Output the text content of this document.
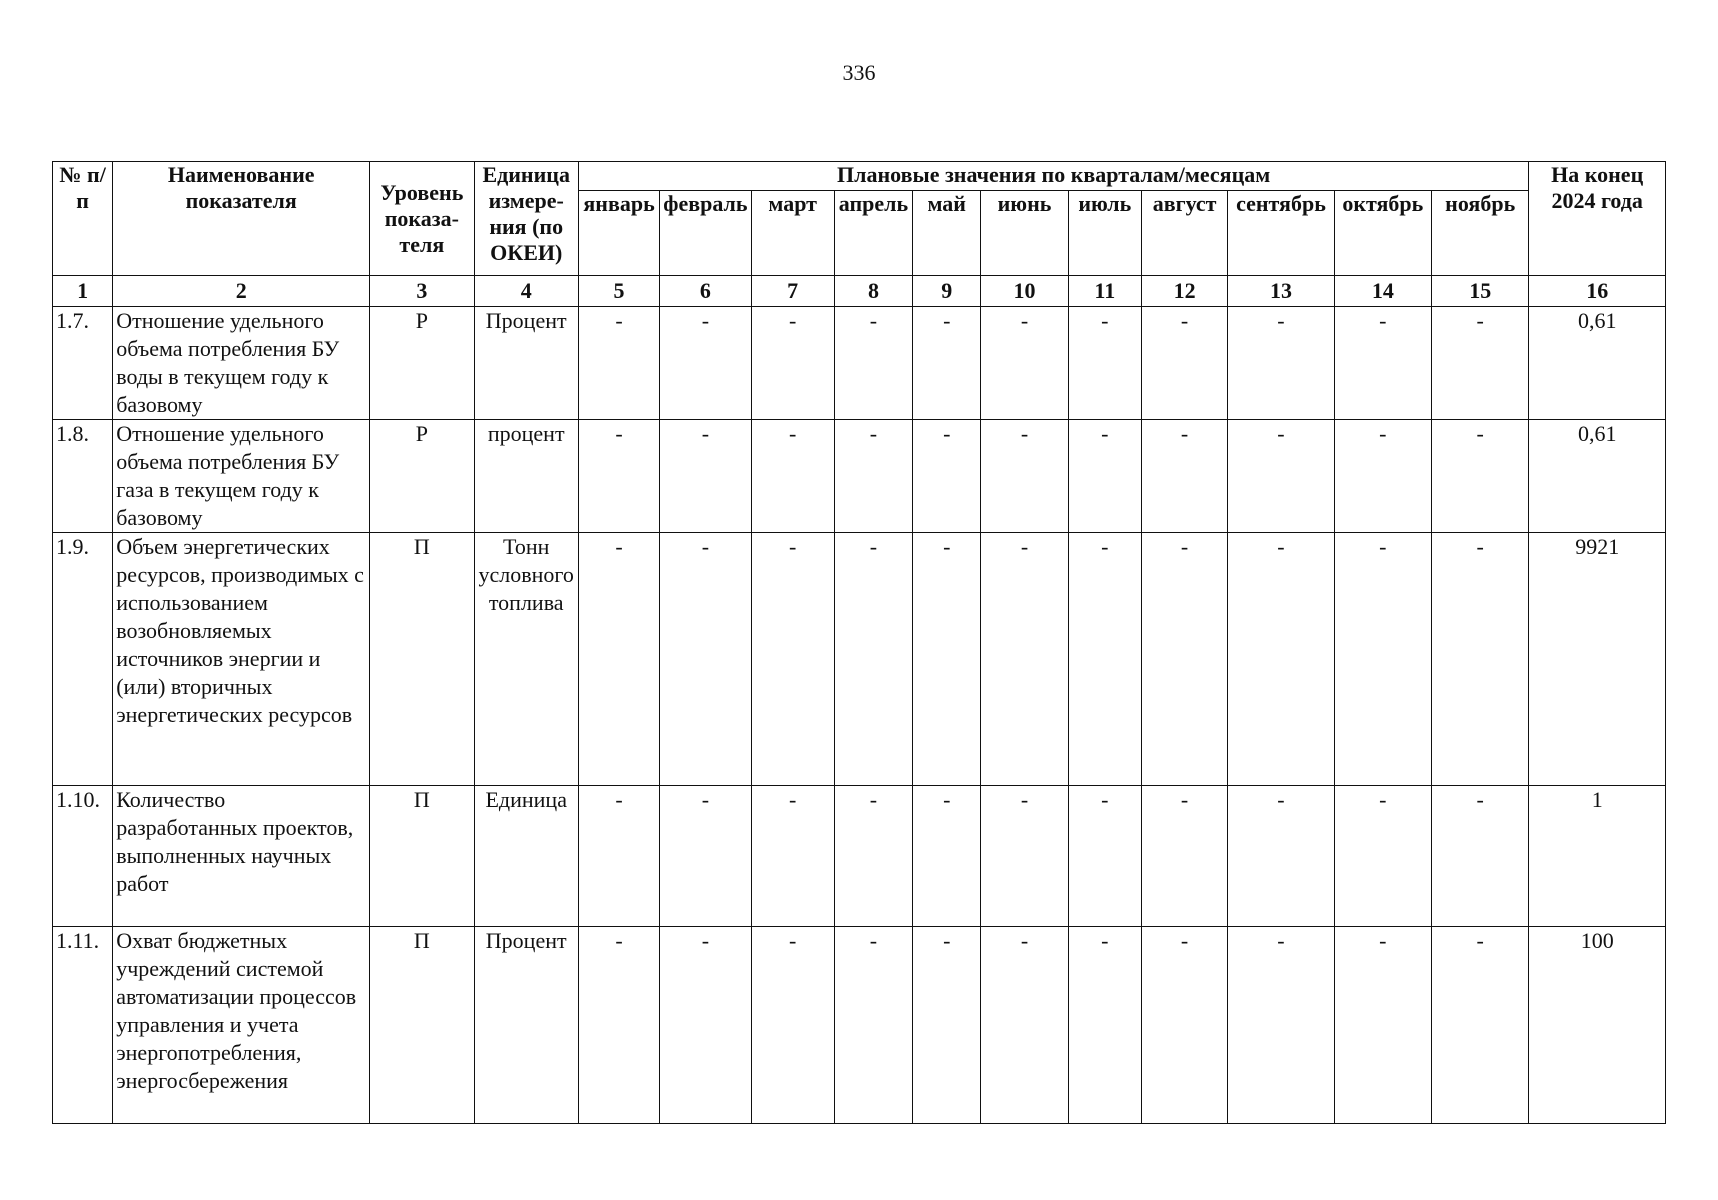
336
№ п/п	Наименование показателя	Уровень показа-теля	Единица измере-ния (по ОКЕИ)	Плановые значения по кварталам/месяцам											На конец 2024 года
				январь	февраль	март	апрель	май	июнь	июль	август	сентябрь	октябрь	ноябрь	
1	2	3	4	5	6	7	8	9	10	11	12	13	14	15	16
1.7.	Отношение удельного объема потребления БУ воды в текущем году к базовому	Р	Процент	-	-	-	-	-	-	-	-	-	-	-	0,61
1.8.	Отношение удельного объема потребления БУ газа в текущем году к базовому	Р	процент	-	-	-	-	-	-	-	-	-	-	-	0,61
1.9.	Объем энергетических ресурсов, производимых с использованием возобновляемых источников энергии и (или) вторичных энергетических ресурсов	П	Тонн условного топлива	-	-	-	-	-	-	-	-	-	-	-	9921
1.10.	Количество разработанных проектов, выполненных научных работ	П	Единица	-	-	-	-	-	-	-	-	-	-	-	1
1.11.	Охват бюджетных учреждений системой автоматизации процессов управления и учета энергопотребления, энергосбережения	П	Процент	-	-	-	-	-	-	-	-	-	-	-	100
